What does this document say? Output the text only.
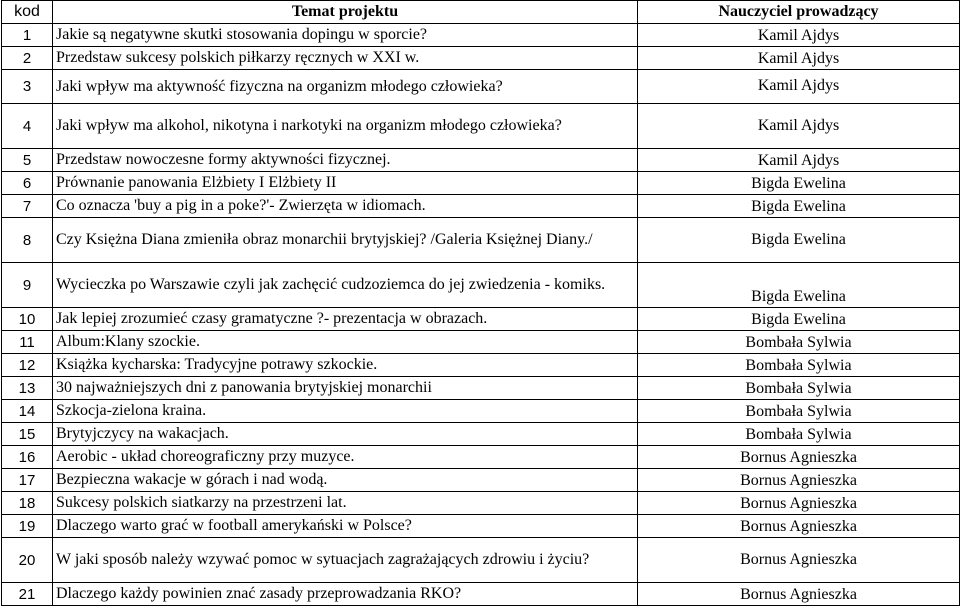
kod	Temat projektu	Nauczyciel prowadzący
1	Jakie są negatywne skutki stosowania dopingu w sporcie?	Kamil Ajdys
2	Przedstaw sukcesy polskich piłkarzy ręcznych w XXI w.	Kamil Ajdys
3	Jaki wpływ ma aktywność fizyczna na organizm młodego człowieka?	Kamil Ajdys
4	Jaki wpływ ma alkohol, nikotyna i narkotyki na organizm młodego człowieka?	Kamil Ajdys
5	Przedstaw nowoczesne formy aktywności fizycznej.	Kamil Ajdys
6	Prównanie panowania Elżbiety I Elżbiety II	Bigda Ewelina
7	Co oznacza 'buy a pig in a poke?'- Zwierzęta w idiomach.	Bigda Ewelina
8	Czy Księżna Diana zmieniła obraz monarchii brytyjskiej? /Galeria Księżnej Diany./	Bigda Ewelina
9	Wycieczka po Warszawie czyli jak zachęcić cudzoziemca do jej zwiedzenia - komiks.	Bigda Ewelina
10	Jak lepiej zrozumieć czasy gramatyczne ?- prezentacja w obrazach.	Bigda Ewelina
11	Album:Klany szockie.	Bombała Sylwia
12	Książka kycharska: Tradycyjne potrawy szkockie.	Bombała Sylwia
13	30 najważniejszych dni z panowania brytyjskiej monarchii	Bombała Sylwia
14	Szkocja-zielona kraina.	Bombała Sylwia
15	Brytyjczycy na wakacjach.	Bombała Sylwia
16	Aerobic - układ choreograficzny przy muzyce.	Bornus Agnieszka
17	Bezpieczna wakacje w górach i nad wodą.	Bornus Agnieszka
18	Sukcesy polskich siatkarzy na przestrzeni lat.	Bornus Agnieszka
19	Dlaczego warto grać w football amerykański w Polsce?	Bornus Agnieszka
20	W jaki sposób należy wzywać pomoc w sytuacjach zagrażających zdrowiu i życiu?	Bornus Agnieszka
21	Dlaczego każdy powinien znać zasady przeprowadzania RKO?	Bornus Agnieszka
